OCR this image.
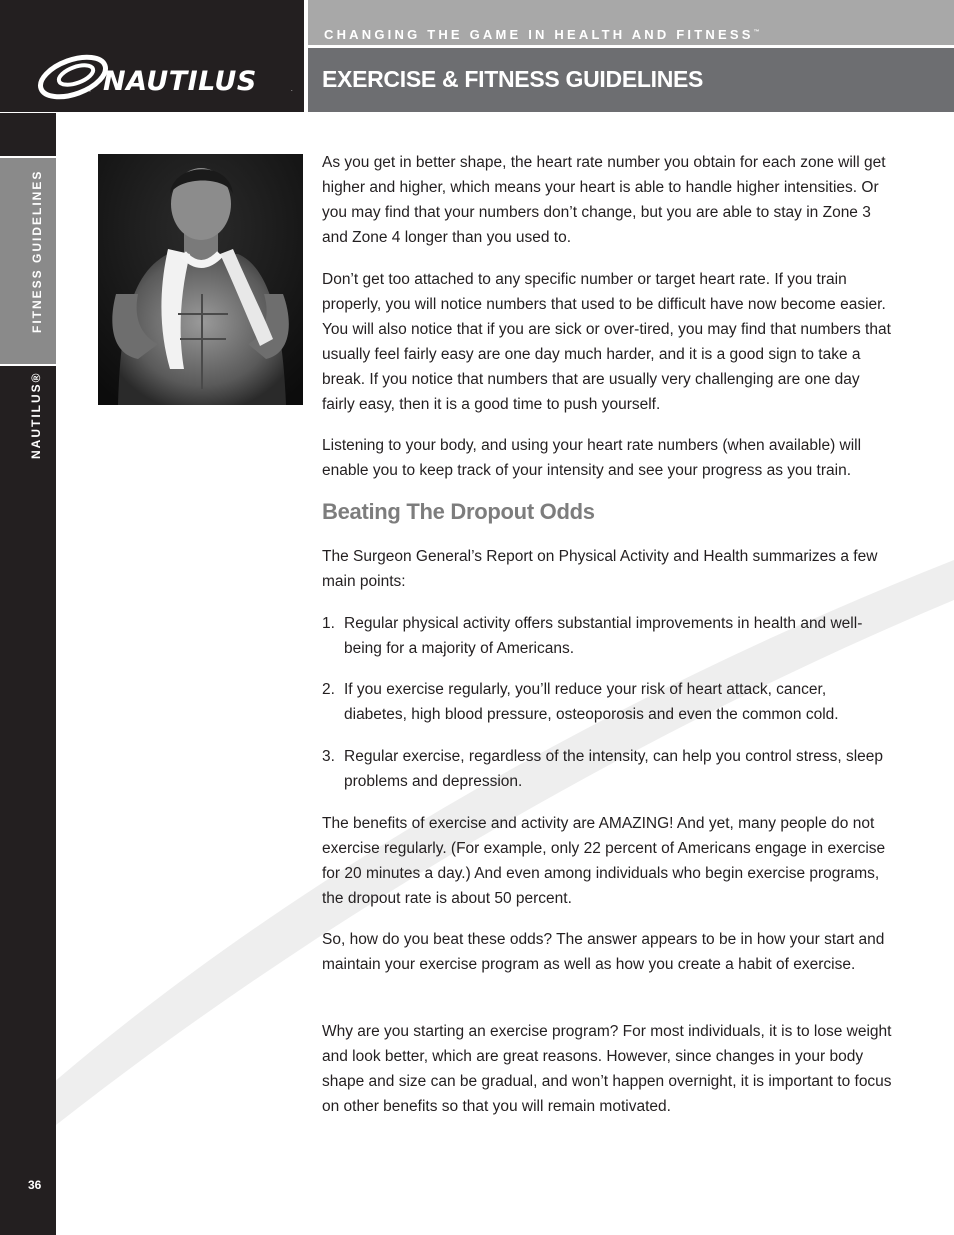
NAUTILUS	.
™
CHANGING THE GAME IN HEALTH AND FITNESS™
EXERCISE & FITNESS GUIDELINES
FITNESS GUIDELINES
NAUTILUS®
36

As you get in better shape, the heart rate number you obtain for each zone will get higher and higher, which means your heart is able to handle higher intensities. Or you may find that your numbers don’t change, but you are able to stay in Zone 3 and Zone 4 longer than you used to.

Don’t get too attached to any specific number or target heart rate. If you train properly, you will notice numbers that used to be difficult have now become easier. You will also notice that if you are sick or over-tired, you may find that numbers that usually feel fairly easy are one day much harder, and it is a good sign to take a break. If you notice that numbers that are usually very challenging are one day fairly easy, then it is a good time to push yourself.

Listening to your body, and using your heart rate numbers (when available) will enable you to keep track of your intensity and see your progress as you train.

Beating The Dropout Odds

The Surgeon General’s Report on Physical Activity and Health summarizes a few main points:

1. Regular physical activity offers substantial improvements in health and well-being for a majority of Americans.
2. If you exercise regularly, you’ll reduce your risk of heart attack, cancer, diabetes, high blood pressure, osteoporosis and even the common cold.
3. Regular exercise, regardless of the intensity, can help you control stress, sleep problems and depression.

The benefits of exercise and activity are AMAZING! And yet, many people do not exercise regularly. (For example, only 22 percent of Americans engage in exercise for 20 minutes a day.) And even among individuals who begin exercise programs, the dropout rate is about 50 percent.

So, how do you beat these odds? The answer appears to be in how your start and maintain your exercise program as well as how you create a habit of exercise.

Why are you starting an exercise program? For most individuals, it is to lose weight and look better, which are great reasons. However, since changes in your body shape and size can be gradual, and won’t happen overnight, it is important to focus on other benefits so that you will remain motivated.
